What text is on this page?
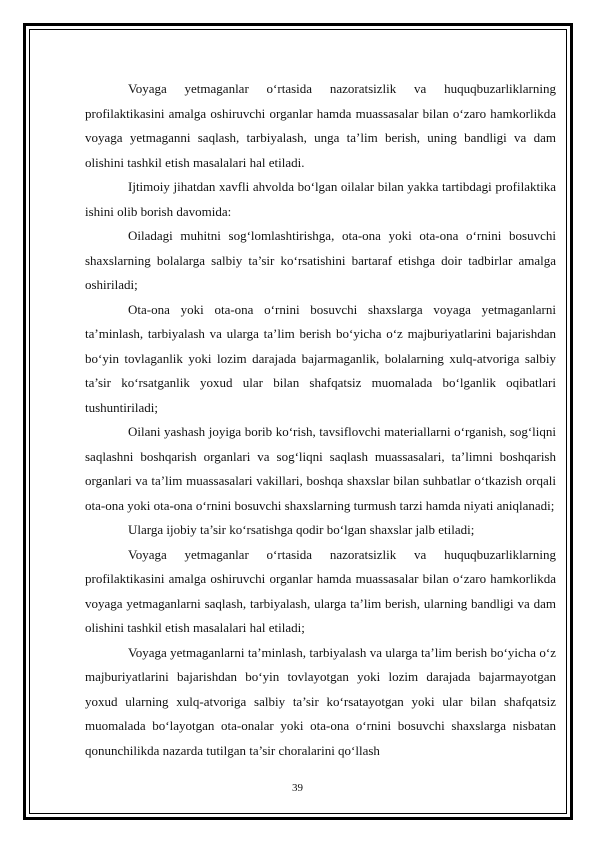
Voyaga yetmaganlar o‘rtasida nazoratsizlik va huquqbuzarliklarning profilaktikasini amalga oshiruvchi organlar hamda muassasalar bilan o‘zaro hamkorlikda voyaga yetmaganni saqlash, tarbiyalash, unga ta’lim berish, uning bandligi va dam olishini tashkil etish masalalari hal etiladi.

Ijtimoiy jihatdan xavfli ahvolda bo‘lgan oilalar bilan yakka tartibdagi profilaktika ishini olib borish davomida:

Oiladagi muhitni sog‘lomlashtirishga, ota-ona yoki ota-ona o‘rnini bosuvchi shaxslarning bolalarga salbiy ta’sir ko‘rsatishini bartaraf etishga doir tadbirlar amalga oshiriladi;

Ota-ona yoki ota-ona o‘rnini bosuvchi shaxslarga voyaga yetmaganlarni ta’minlash, tarbiyalash va ularga ta’lim berish bo‘yicha o‘z majburiyatlarini bajarishdan bo‘yin tovlaganlik yoki lozim darajada bajarmaganlik, bolalarning xulq-atvoriga salbiy ta’sir ko‘rsatganlik yoxud ular bilan shafqatsiz muomalada bo‘lganlik oqibatlari tushuntiriladi;

Oilani yashash joyiga borib ko‘rish, tavsiflovchi materiallarni o‘rganish, sog‘liqni saqlashni boshqarish organlari va sog‘liqni saqlash muassasalari, ta’limni boshqarish organlari va ta’lim muassasalari vakillari, boshqa shaxslar bilan suhbatlar o‘tkazish orqali ota-ona yoki ota-ona o‘rnini bosuvchi shaxslarning turmush tarzi hamda niyati aniqlanadi;

Ularga ijobiy ta’sir ko‘rsatishga qodir bo‘lgan shaxslar jalb etiladi;

Voyaga yetmaganlar o‘rtasida nazoratsizlik va huquqbuzarliklarning profilaktikasini amalga oshiruvchi organlar hamda muassasalar bilan o‘zaro hamkorlikda voyaga yetmaganlarni saqlash, tarbiyalash, ularga ta’lim berish, ularning bandligi va dam olishini tashkil etish masalalari hal etiladi;

Voyaga yetmaganlarni ta’minlash, tarbiyalash va ularga ta’lim berish bo‘yicha o‘z majburiyatlarini bajarishdan bo‘yin tovlayotgan yoki lozim darajada bajarmayotgan yoxud ularning xulq-atvoriga salbiy ta’sir ko‘rsatayotgan yoki ular bilan shafqatsiz muomalada bo‘layotgan ota-onalar yoki ota-ona o‘rnini bosuvchi shaxslarga nisbatan qonunchilikda nazarda tutilgan ta’sir choralarini qo‘llash

39
